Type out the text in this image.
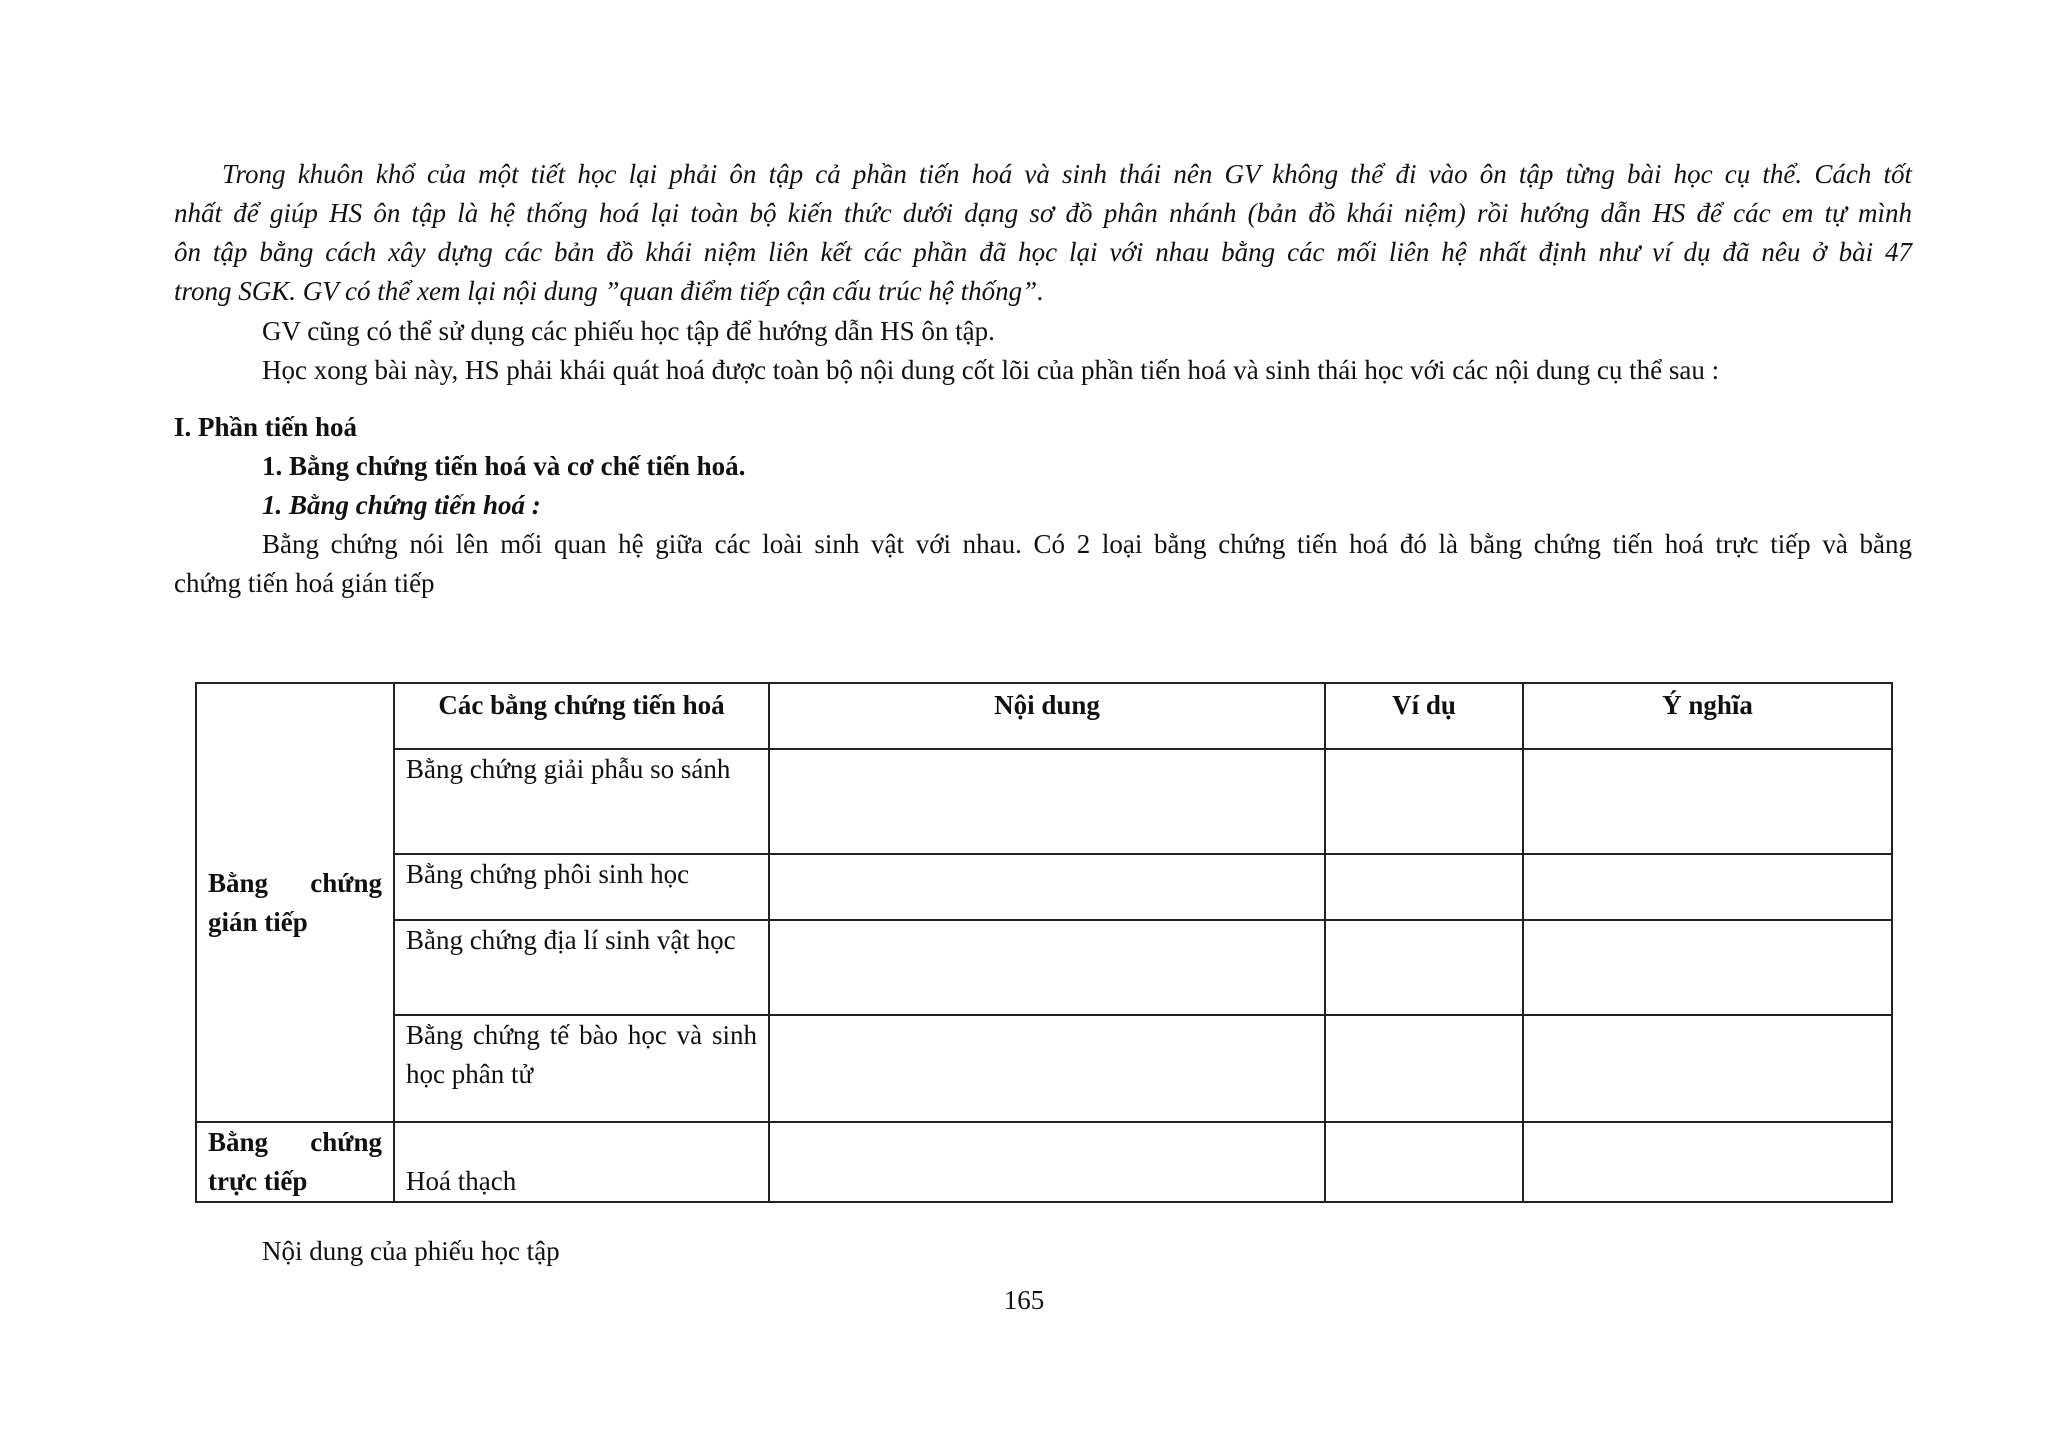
Trong khuôn khổ của một tiết học lại phải ôn tập cả phần tiến hoá và sinh thái nên GV không thể đi vào ôn tập từng bài học cụ thể. Cách tốt
nhất để giúp HS ôn tập là hệ thống hoá lại toàn bộ kiến thức dưới dạng sơ đồ phân nhánh (bản đồ khái niệm) rồi hướng dẫn HS để các em tự mình
ôn tập bằng cách xây dựng các bản đồ khái niệm liên kết các phần đã học lại với nhau bằng các mối liên hệ nhất định như ví dụ đã nêu ở bài 47
trong SGK. GV có thể xem lại nội dung ”quan điểm tiếp cận cấu trúc hệ thống”.
GV cũng có thể sử dụng các phiếu học tập để hướng dẫn HS ôn tập.
Học xong bài này, HS phải khái quát hoá được toàn bộ nội dung cốt lõi của phần tiến hoá và sinh thái học với các nội dung cụ thể sau :
I. Phần tiến hoá
1. Bằng chứng tiến hoá và cơ chế tiến hoá.
1. Bằng chứng tiến hoá :
Bằng chứng nói lên mối quan hệ giữa các loài sinh vật với nhau. Có 2 loại bằng chứng tiến hoá đó là bằng chứng tiến hoá trực tiếp và bằng
chứng tiến hoá gián tiếp
Bằng chứng gián tiếp	Các bằng chứng tiến hoá	Nội dung	Ví dụ	Ý nghĩa
	Bằng chứng giải phẫu so sánh			
	Bằng chứng phôi sinh học			
	Bằng chứng địa lí sinh vật học			
	Bằng chứng tế bào học và sinh học phân tử			
Bằng chứng trực tiếp	Hoá thạch			
Nội dung của phiếu học tập
165
